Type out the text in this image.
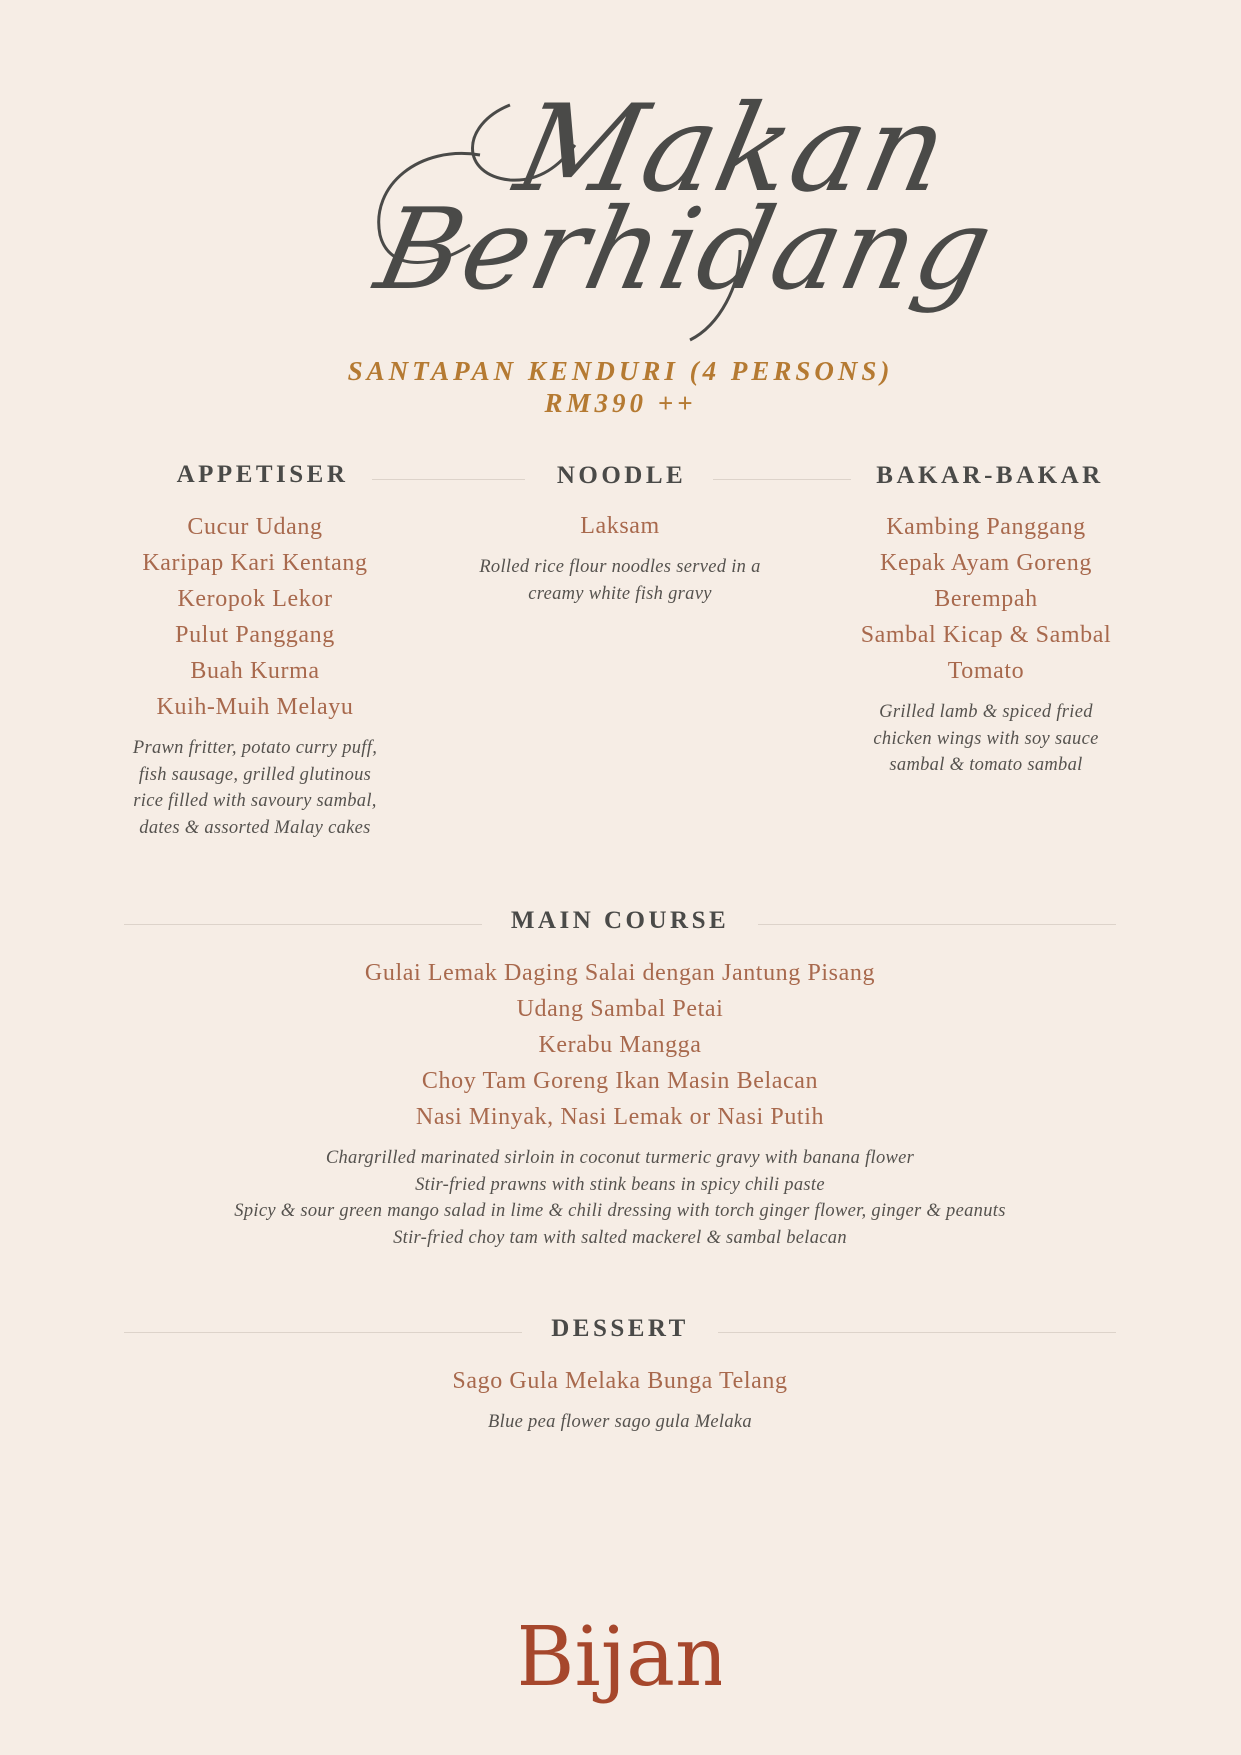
Makan
Berhidang
SANTAPAN KENDURI (4 PERSONS)
RM390 ++
APPETISER
Cucur Udang
Karipap Kari Kentang
Keropok Lekor
Pulut Panggang
Buah Kurma
Kuih-Muih Melayu
Prawn fritter, potato curry puff,
fish sausage, grilled glutinous
rice filled with savoury sambal,
dates & assorted Malay cakes
NOODLE
Laksam
Rolled rice flour noodles served in a
creamy white fish gravy
BAKAR-BAKAR
Kambing Panggang
Kepak Ayam Goreng
Berempah
Sambal Kicap & Sambal
Tomato
Grilled lamb & spiced fried
chicken wings with soy sauce
sambal & tomato sambal
MAIN COURSE
Gulai Lemak Daging Salai dengan Jantung Pisang
Udang Sambal Petai
Kerabu Mangga
Choy Tam Goreng Ikan Masin Belacan
Nasi Minyak, Nasi Lemak or Nasi Putih
Chargrilled marinated sirloin in coconut turmeric gravy with banana flower
Stir-fried prawns with stink beans in spicy chili paste
Spicy & sour green mango salad in lime & chili dressing with torch ginger flower, ginger & peanuts
Stir-fried choy tam with salted mackerel & sambal belacan
DESSERT
Sago Gula Melaka Bunga Telang
Blue pea flower sago gula Melaka
Bijan
